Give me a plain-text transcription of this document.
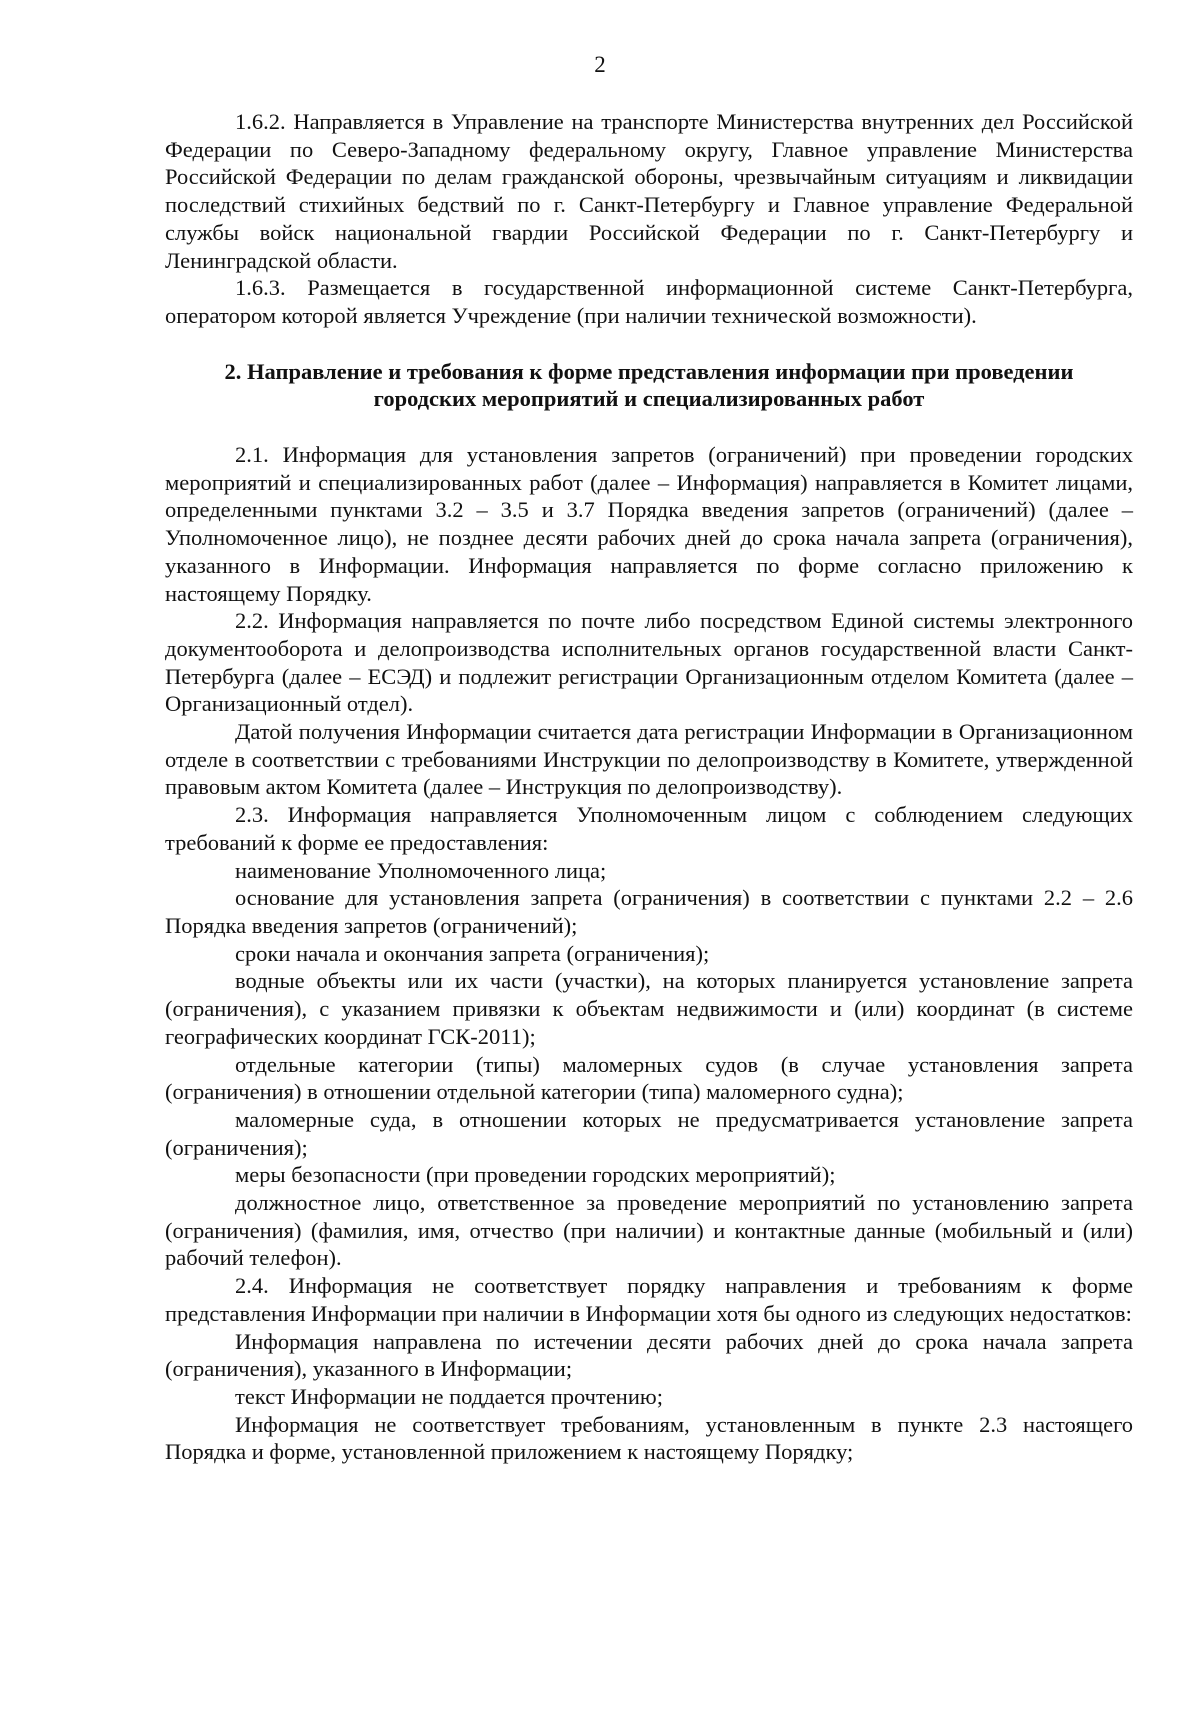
2

1.6.2. Направляется в Управление на транспорте Министерства внутренних дел Российской Федерации по Северо-Западному федеральному округу, Главное управление Министерства Российской Федерации по делам гражданской обороны, чрезвычайным ситуациям и ликвидации последствий стихийных бедствий по г. Санкт-Петербургу и Главное управление Федеральной службы войск национальной гвардии Российской Федерации по г. Санкт-Петербургу и Ленинградской области.

1.6.3. Размещается в государственной информационной системе Санкт-Петербурга, оператором которой является Учреждение (при наличии технической возможности).

2. Направление и требования к форме представления информации при проведении
городских мероприятий и специализированных работ

2.1. Информация для установления запретов (ограничений) при проведении городских мероприятий и специализированных работ (далее – Информация) направляется в Комитет лицами, определенными пунктами 3.2 – 3.5 и 3.7 Порядка введения запретов (ограничений) (далее – Уполномоченное лицо), не позднее десяти рабочих дней до срока начала запрета (ограничения), указанного в Информации. Информация направляется по форме согласно приложению к настоящему Порядку.

2.2. Информация направляется по почте либо посредством Единой системы электронного документооборота и делопроизводства исполнительных органов государственной власти Санкт-Петербурга (далее – ЕСЭД) и подлежит регистрации Организационным отделом Комитета (далее – Организационный отдел).

Датой получения Информации считается дата регистрации Информации в Организационном отделе в соответствии с требованиями Инструкции по делопроизводству в Комитете, утвержденной правовым актом Комитета (далее – Инструкция по делопроизводству).

2.3. Информация направляется Уполномоченным лицом с соблюдением следующих требований к форме ее предоставления:

наименование Уполномоченного лица;

основание для установления запрета (ограничения) в соответствии с пунктами 2.2 – 2.6 Порядка введения запретов (ограничений);

сроки начала и окончания запрета (ограничения);

водные объекты или их части (участки), на которых планируется установление запрета (ограничения), с указанием привязки к объектам недвижимости и (или) координат (в системе географических координат ГСК-2011);

отдельные категории (типы) маломерных судов (в случае установления запрета (ограничения) в отношении отдельной категории (типа) маломерного судна);

маломерные суда, в отношении которых не предусматривается установление запрета (ограничения);

меры безопасности (при проведении городских мероприятий);

должностное лицо, ответственное за проведение мероприятий по установлению запрета (ограничения) (фамилия, имя, отчество (при наличии) и контактные данные (мобильный и (или) рабочий телефон).

2.4. Информация не соответствует порядку направления и требованиям к форме представления Информации при наличии в Информации хотя бы одного из следующих недостатков:

Информация направлена по истечении десяти рабочих дней до срока начала запрета (ограничения), указанного в Информации;

текст Информации не поддается прочтению;

Информация не соответствует требованиям, установленным в пункте 2.3 настоящего Порядка и форме, установленной приложением к настоящему Порядку;
